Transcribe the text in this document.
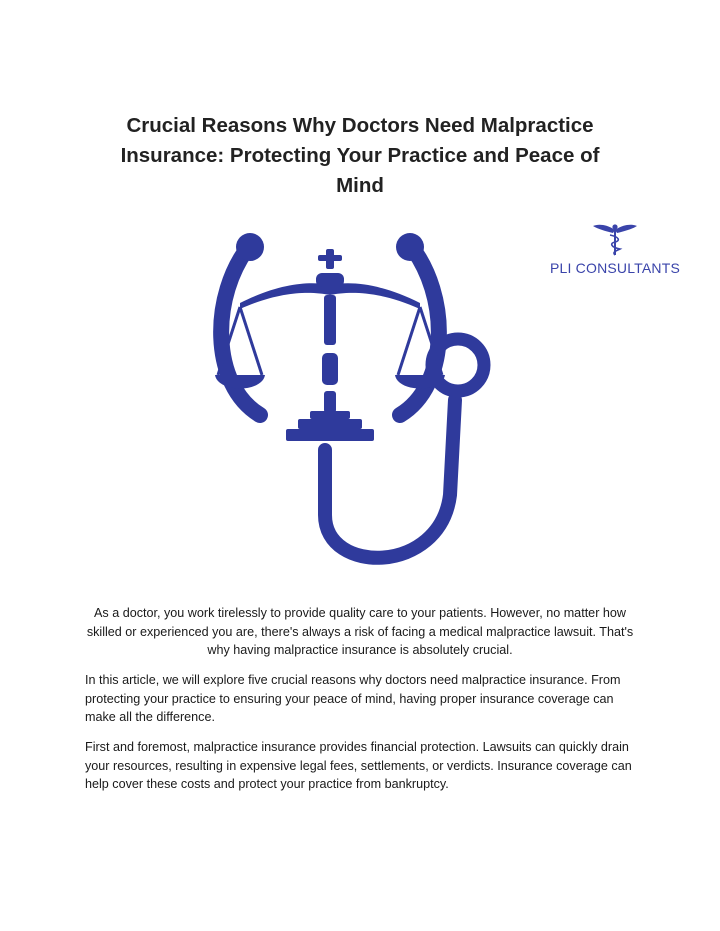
Crucial Reasons Why Doctors Need Malpractice Insurance: Protecting Your Practice and Peace of Mind
PLI CONSULTANTS

As a doctor, you work tirelessly to provide quality care to your patients. However, no matter how skilled or experienced you are, there's always a risk of facing a medical malpractice lawsuit. That's why having malpractice insurance is absolutely crucial.

In this article, we will explore five crucial reasons why doctors need malpractice insurance. From protecting your practice to ensuring your peace of mind, having proper insurance coverage can make all the difference.

First and foremost, malpractice insurance provides financial protection. Lawsuits can quickly drain your resources, resulting in expensive legal fees, settlements, or verdicts. Insurance coverage can help cover these costs and protect your practice from bankruptcy.
